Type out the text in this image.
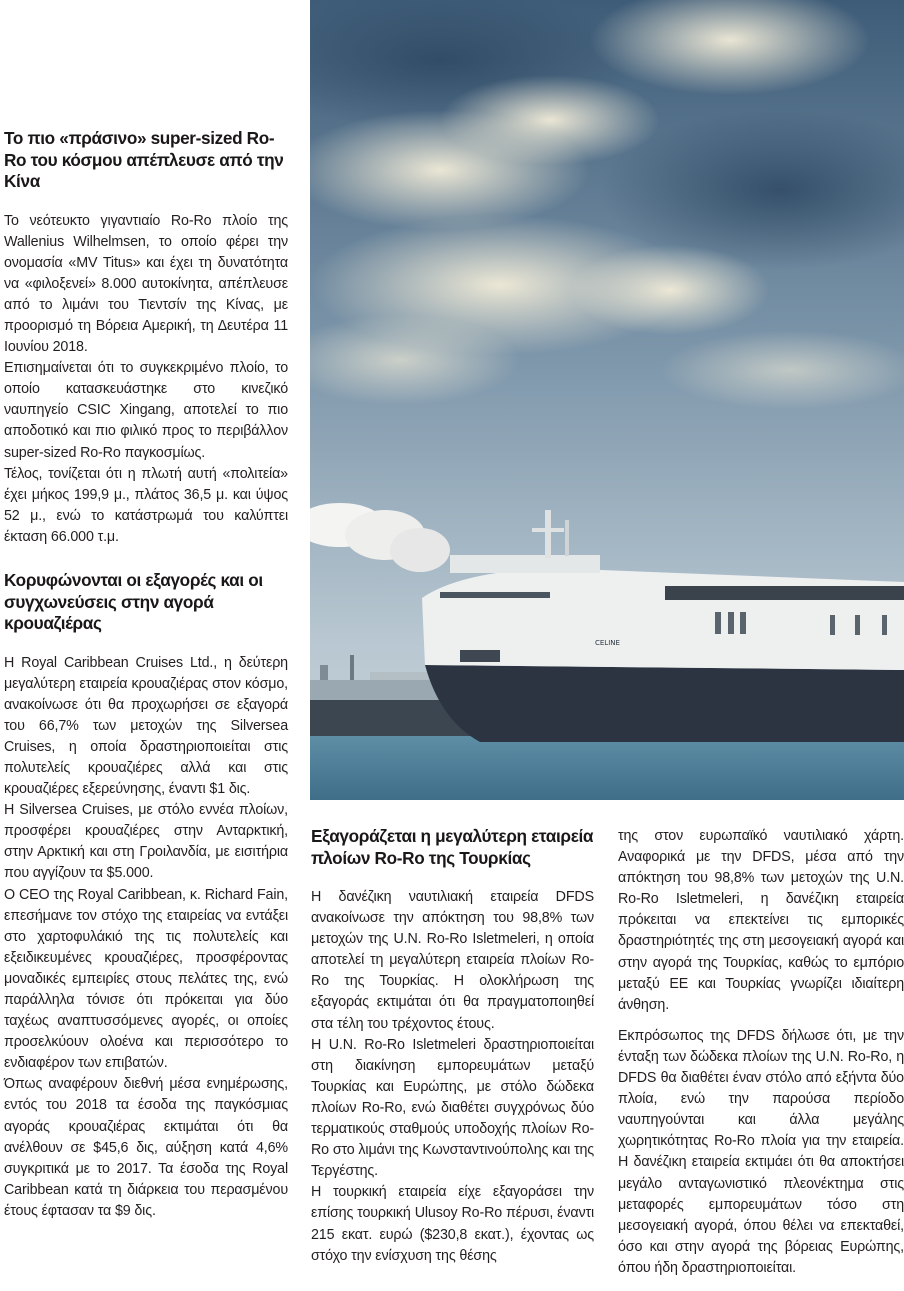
Το πιο «πράσινο» super-sized Ro-Ro του κόσμου απέπλευσε από την Κίνα

Το νεότευκτο γιγαντιαίο Ro-Ro πλοίο της Wallenius Wilhelmsen, το οποίο φέρει την ονομασία «MV Titus» και έχει τη δυνατότητα να «φιλοξενεί» 8.000 αυτοκίνητα, απέπλευσε από το λιμάνι του Τιεντσίν της Κίνας, με προορισμό τη Βόρεια Αμερική, τη Δευτέρα 11 Ιουνίου 2018.

Επισημαίνεται ότι το συγκεκριμένο πλοίο, το οποίο κατασκευάστηκε στο κινεζικό ναυπηγείο CSIC Xingang, αποτελεί το πιο αποδοτικό και πιο φιλικό προς το περιβάλλον super-sized Ro-Ro παγκοσμίως.

Τέλος, τονίζεται ότι η πλωτή αυτή «πολιτεία» έχει μήκος 199,9 μ., πλάτος 36,5 μ. και ύψος 52 μ., ενώ το κατάστρωμά του καλύπτει έκταση 66.000 τ.μ.

Κορυφώνονται οι εξαγορές και οι συγχωνεύσεις στην αγορά κρουαζιέρας

Η Royal Caribbean Cruises Ltd., η δεύτερη μεγαλύτερη εταιρεία κρουαζιέρας στον κόσμο, ανακοίνωσε ότι θα προχωρήσει σε εξαγορά του 66,7% των μετοχών της Silversea Cruises, η οποία δραστηριοποιείται στις πολυτελείς κρουαζιέρες αλλά και στις κρουαζιέρες εξερεύνησης, έναντι $1 δις.

Η Silversea Cruises, με στόλο εννέα πλοίων, προσφέρει κρουαζιέρες στην Ανταρκτική, στην Αρκτική και στη Γροιλανδία, με εισιτήρια που αγγίζουν τα $5.000.

Ο CEO της Royal Caribbean, κ. Richard Fain, επεσήμανε τον στόχο της εταιρείας να εντάξει στο χαρτοφυλάκιό της τις πολυτελείς και εξειδικευμένες κρουαζιέρες, προσφέροντας μοναδικές εμπειρίες στους πελάτες της, ενώ παράλληλα τόνισε ότι πρόκειται για δύο ταχέως αναπτυσσόμενες αγορές, οι οποίες προσελκύουν ολοένα και περισσότερο το ενδιαφέρον των επιβατών.

Όπως αναφέρουν διεθνή μέσα ενημέρωσης, εντός του 2018 τα έσοδα της παγκόσμιας αγοράς κρουαζιέρας εκτιμάται ότι θα ανέλθουν σε $45,6 δις, αύξηση κατά 4,6% συγκριτικά με το 2017. Τα έσοδα της Royal Caribbean κατά τη διάρκεια του περασμένου έτους έφτασαν τα $9 δις.

CELINE
Εξαγοράζεται η μεγαλύτερη εταιρεία πλοίων Ro-Ro της Τουρκίας

Η δανέζικη ναυτιλιακή εταιρεία DFDS ανακοίνωσε την απόκτηση του 98,8% των μετοχών της U.N. Ro-Ro Isletmeleri, η οποία αποτελεί τη μεγαλύτερη εταιρεία πλοίων Ro-Ro της Τουρκίας. Η ολοκλήρωση της εξαγοράς εκτιμάται ότι θα πραγματοποιηθεί στα τέλη του τρέχοντος έτους.

Η U.N. Ro-Ro Isletmeleri δραστηριοποιείται στη διακίνηση εμπορευμάτων μεταξύ Τουρκίας και Ευρώπης, με στόλο δώδεκα πλοίων Ro-Ro, ενώ διαθέτει συγχρόνως δύο τερματικούς σταθμούς υποδοχής πλοίων Ro-Ro στο λιμάνι της Κωνσταντινούπολης και της Τεργέστης.

Η τουρκική εταιρεία είχε εξαγοράσει την επίσης τουρκική Ulusoy Ro-Ro πέρυσι, έναντι 215 εκατ. ευρώ ($230,8 εκατ.), έχοντας ως στόχο την ενίσχυση της θέσης

της στον ευρωπαϊκό ναυτιλιακό χάρτη. Αναφορικά με την DFDS, μέσα από την απόκτηση του 98,8% των μετοχών της U.N. Ro-Ro Isletmeleri, η δανέζικη εταιρεία πρόκειται να επεκτείνει τις εμπορικές δραστηριότητές της στη μεσογειακή αγορά και στην αγορά της Τουρκίας, καθώς το εμπόριο μεταξύ ΕΕ και Τουρκίας γνωρίζει ιδιαίτερη άνθηση.

Εκπρόσωπος της DFDS δήλωσε ότι, με την ένταξη των δώδεκα πλοίων της U.N. Ro-Ro, η DFDS θα διαθέτει έναν στόλο από εξήντα δύο πλοία, ενώ την παρούσα περίοδο ναυπηγούνται και άλλα μεγάλης χωρητικότητας Ro-Ro πλοία για την εταιρεία. Η δανέζικη εταιρεία εκτιμάει ότι θα αποκτήσει μεγάλο ανταγωνιστικό πλεονέκτημα στις μεταφορές εμπορευμάτων τόσο στη μεσογειακή αγορά, όπου θέλει να επεκταθεί, όσο και στην αγορά της βόρειας Ευρώπης, όπου ήδη δραστηριοποιείται.
